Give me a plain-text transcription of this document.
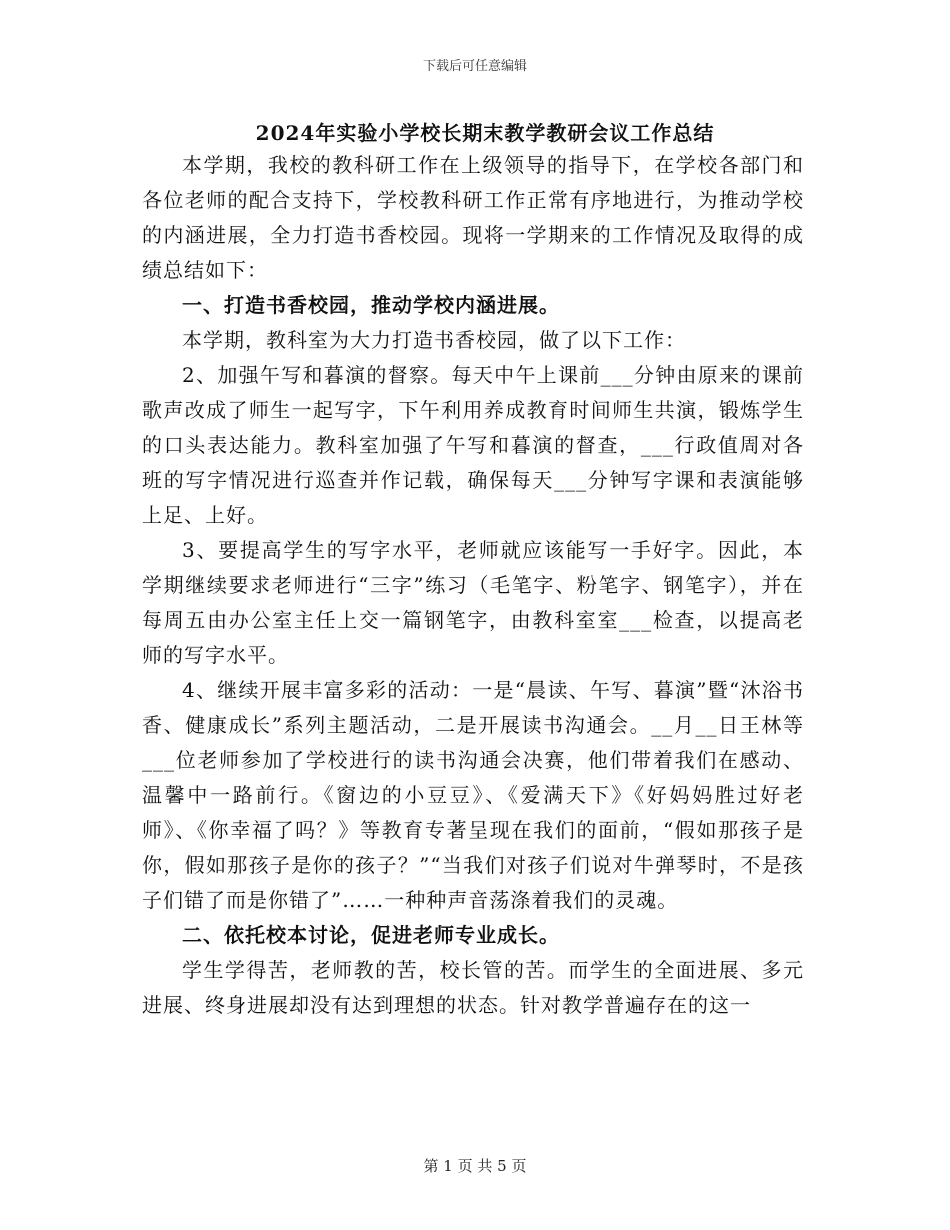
下载后可任意编辑
2024年实验小学校长期末教学教研会议工作总结

本学期，我校的教科研工作在上级领导的指导下，在学校各部门和各位老师的配合支持下，学校教科研工作正常有序地进行，为推动学校的内涵进展，全力打造书香校园。现将一学期来的工作情况及取得的成绩总结如下：

一、打造书香校园，推动学校内涵进展。

本学期，教科室为大力打造书香校园，做了以下工作：

2、加强午写和暮演的督察。每天中午上课前___分钟由原来的课前歌声改成了师生一起写字，下午利用养成教育时间师生共演，锻炼学生的口头表达能力。教科室加强了午写和暮演的督查，___行政值周对各班的写字情况进行巡查并作记载，确保每天___分钟写字课和表演能够上足、上好。

3、要提高学生的写字水平，老师就应该能写一手好字。因此，本学期继续要求老师进行“三字”练习（毛笔字、粉笔字、钢笔字），并在每周五由办公室主任上交一篇钢笔字，由教科室室___检查，以提高老师的写字水平。

4、继续开展丰富多彩的活动：一是“晨读、午写、暮演”暨“沐浴书香、健康成长”系列主题活动，二是开展读书沟通会。__月__日王林等___位老师参加了学校进行的读书沟通会决赛，他们带着我们在感动、温馨中一路前行。《窗边的小豆豆》、《爱满天下》《好妈妈胜过好老师》、《你幸福了吗？》等教育专著呈现在我们的面前，“假如那孩子是你，假如那孩子是你的孩子？”“当我们对孩子们说对牛弹琴时，不是孩子们错了而是你错了”……一种种声音荡涤着我们的灵魂。

二、依托校本讨论，促进老师专业成长。

学生学得苦，老师教的苦，校长管的苦。而学生的全面进展、多元进展、终身进展却没有达到理想的状态。针对教学普遍存在的这一

第 1 页 共 5 页
